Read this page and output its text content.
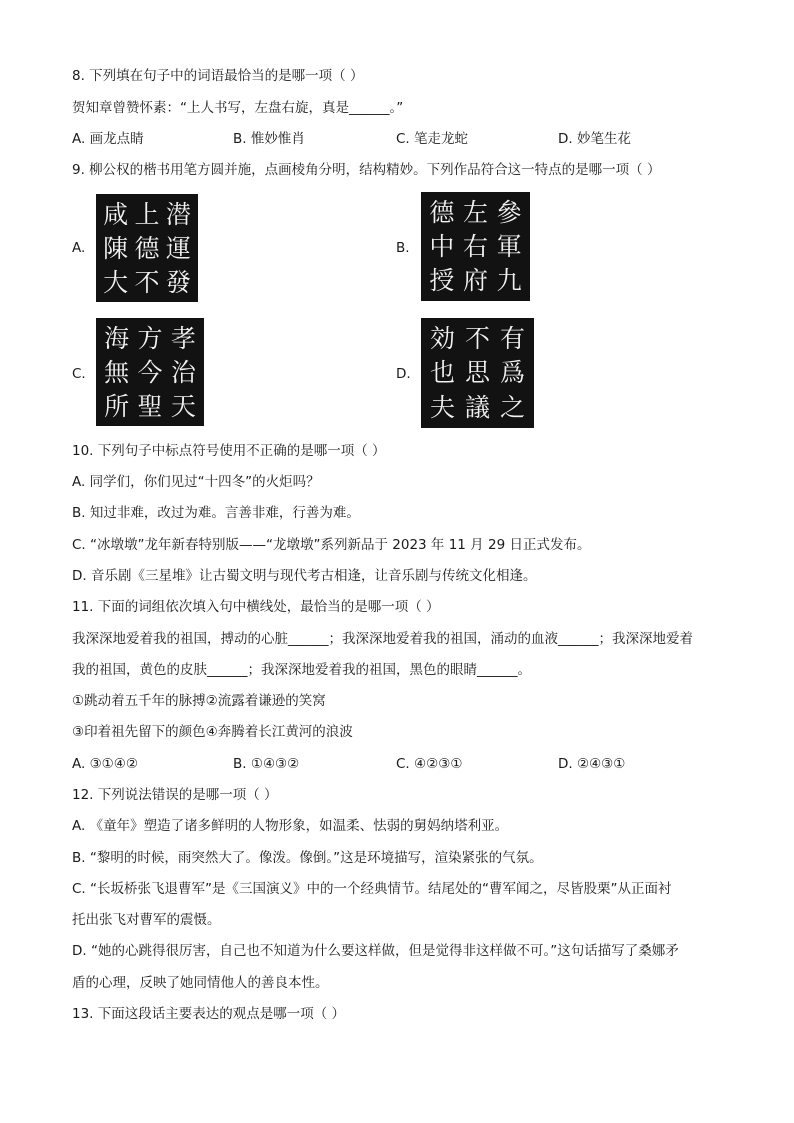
8. 下列填在句子中的词语最恰当的是哪一项（ ）
贺知章曾赞怀素：“上人书写，左盘右旋，真是______。”
A. 画龙点睛	B. 惟妙惟肖	C. 笔走龙蛇	D. 妙笔生花
9. 柳公权的楷书用笔方圆并施，点画棱角分明，结构精妙。下列作品符合这一特点的是哪一项（ ）
A.
咸 上 潜
陳 德 運
大 不 發
B.
德 左 參
中 右 軍
授 府 九
C.
海 方 孝
無 今 治
所 聖 天
D.
効 不 有
也 思 爲
夫 議 之
10. 下列句子中标点符号使用不正确的是哪一项（ ）
A. 同学们，你们见过“十四冬”的火炬吗？
B. 知过非难，改过为难。言善非难，行善为难。
C. “冰墩墩”龙年新春特别版——“龙墩墩”系列新品于 2023 年 11 月 29 日正式发布。
D. 音乐剧《三星堆》让古蜀文明与现代考古相逢，让音乐剧与传统文化相逢。
11. 下面的词组依次填入句中横线处，最恰当的是哪一项（ ）
我深深地爱着我的祖国，搏动的心脏______；我深深地爱着我的祖国，涌动的血液______；我深深地爱着
我的祖国，黄色的皮肤______；我深深地爱着我的祖国，黑色的眼睛______。
①跳动着五千年的脉搏②流露着谦逊的笑窝
③印着祖先留下的颜色④奔腾着长江黄河的浪波
A. ③①④②	B. ①④③②	C. ④②③①	D. ②④③①
12. 下列说法错误的是哪一项（ ）
A. 《童年》塑造了诸多鲜明的人物形象，如温柔、怯弱的舅妈纳塔利亚。
B. “黎明的时候，雨突然大了。像泼。像倒。”这是环境描写，渲染紧张的气氛。
C. “长坂桥张飞退曹军”是《三国演义》中的一个经典情节。结尾处的“曹军闻之，尽皆股栗”从正面衬
托出张飞对曹军的震慑。
D. “她的心跳得很厉害，自己也不知道为什么要这样做，但是觉得非这样做不可。”这句话描写了桑娜矛
盾的心理，反映了她同情他人的善良本性。
13. 下面这段话主要表达的观点是哪一项（ ）
